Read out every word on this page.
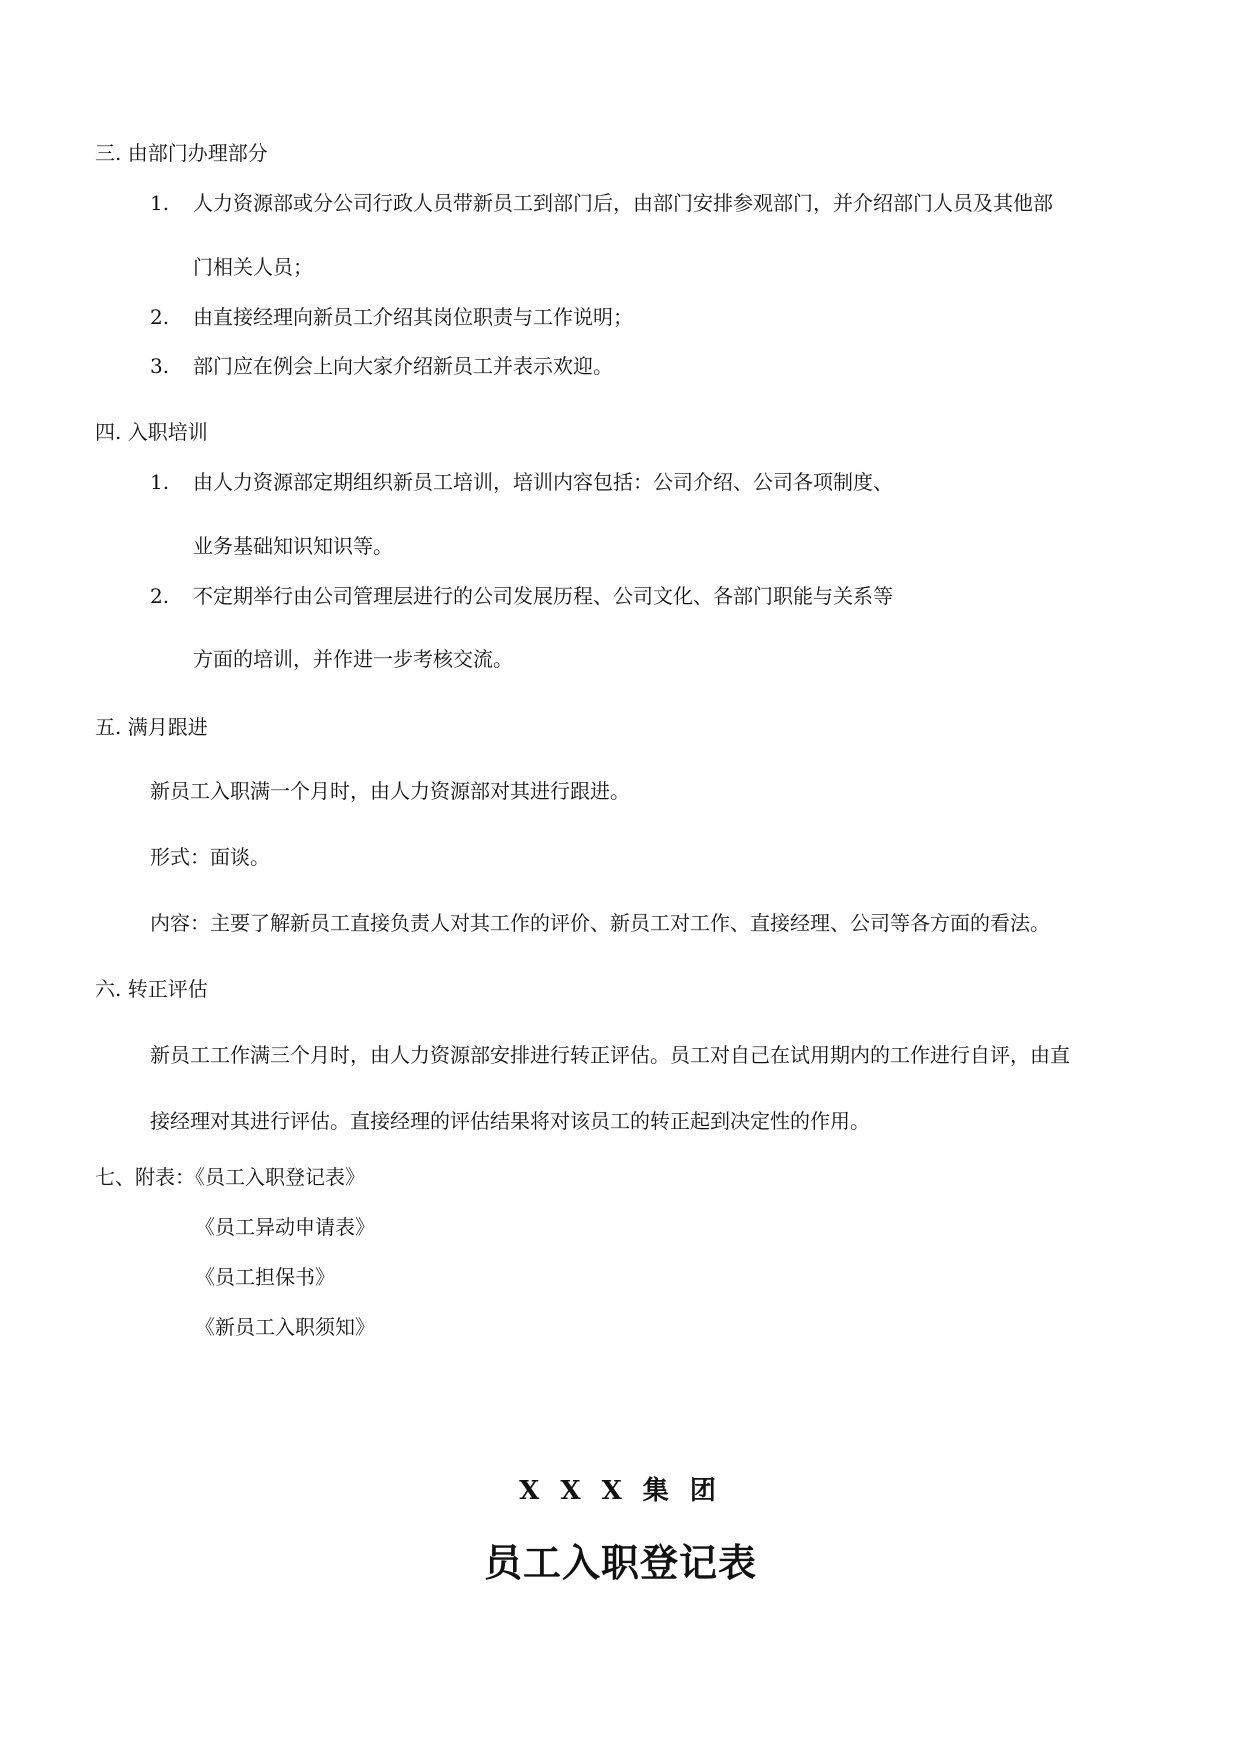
三. 由部门办理部分

1. 人力资源部或分公司行政人员带新员工到部门后，由部门安排参观部门，并介绍部门人员及其他部

门相关人员；

2. 由直接经理向新员工介绍其岗位职责与工作说明；

3. 部门应在例会上向大家介绍新员工并表示欢迎。

四. 入职培训

1. 由人力资源部定期组织新员工培训，培训内容包括：公司介绍、公司各项制度、

业务基础知识知识等。

2. 不定期举行由公司管理层进行的公司发展历程、公司文化、各部门职能与关系等

方面的培训，并作进一步考核交流。

五. 满月跟进

新员工入职满一个月时，由人力资源部对其进行跟进。

形式：面谈。

内容：主要了解新员工直接负责人对其工作的评价、新员工对工作、直接经理、公司等各方面的看法。

六. 转正评估

新员工工作满三个月时，由人力资源部安排进行转正评估。员工对自己在试用期内的工作进行自评，由直

接经理对其进行评估。直接经理的评估结果将对该员工的转正起到决定性的作用。

七、附表：《员工入职登记表》

《员工异动申请表》

《员工担保书》

《新员工入职须知》

X X X 集 团
员工入职登记表
